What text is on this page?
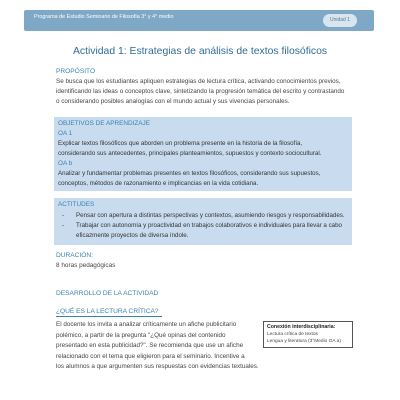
Programa de Estudio Seminario de Filosofía 3° y 4° medio	Unidad 1
Actividad 1: Estrategias de análisis de textos filosóficos
PROPÓSITO
Se busca que los estudiantes apliquen estrategias de lectura crítica, activando conocimientos previos,
identificando las ideas o conceptos clave, sintetizando la progresión temática del escrito y contrastando
o considerando posibles analogías con el mundo actual y sus vivencias personales.
OBJETIVOS DE APRENDIZAJE
OA 1
Explicar textos filosóficos que aborden un problema presente en la historia de la filosofía,
considerando sus antecedentes, principales planteamientos, supuestos y contexto sociocultural.
OA b
Analizar y fundamentar problemas presentes en textos filosóficos, considerando sus supuestos,
conceptos, métodos de razonamiento e implicancias en la vida cotidiana.
ACTITUDES
- Pensar con apertura a distintas perspectivas y contextos, asumiendo riesgos y responsabilidades.
- Trabajar con autonomía y proactividad en trabajos colaborativos e individuales para llevar a cabo
eficazmente proyectos de diversa índole.
DURACIÓN:
8 horas pedagógicas
DESARROLLO DE LA ACTIVIDAD
¿QUÉ ES LA LECTURA CRÍTICA?
El docente los invita a analizar críticamente un afiche publicitario
polémico, a partir de la pregunta "¿Qué opinas del contenido
presentado en esta publicidad?". Se recomienda que use un afiche
relacionado con el tema que eligieron para el seminario. Incentive a
los alumnos a que argumenten sus respuestas con evidencias textuales.
Conexión interdisciplinaria:
Lectura crítica de textos
Lengua y literatura (3°Medio OA a)
